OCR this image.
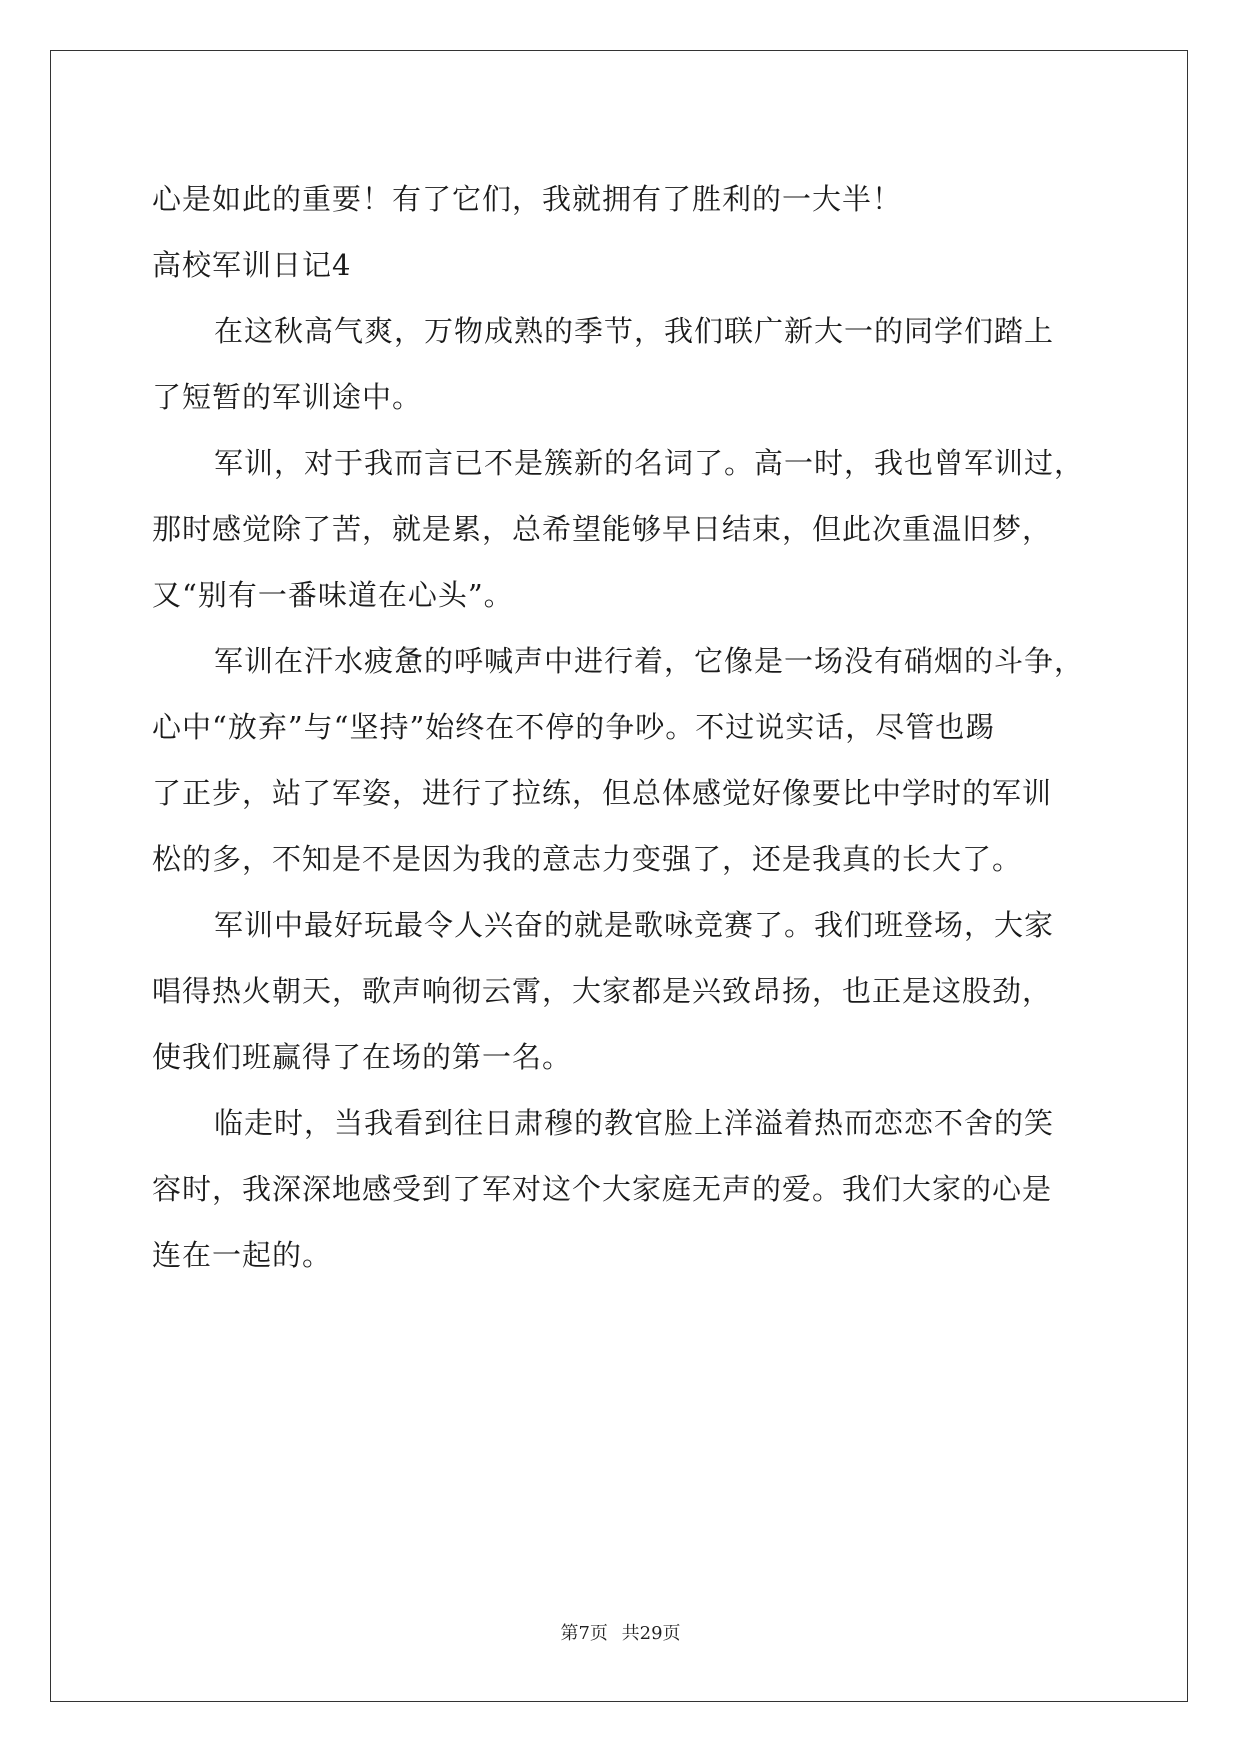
心是如此的重要！有了它们，我就拥有了胜利的一大半！
高校军训日记4
在这秋高气爽，万物成熟的季节，我们联广新大一的同学们踏上
了短暂的军训途中。
军训，对于我而言已不是簇新的名词了。高一时，我也曾军训过，
那时感觉除了苦，就是累，总希望能够早日结束，但此次重温旧梦，
又“别有一番味道在心头”。
军训在汗水疲惫的呼喊声中进行着，它像是一场没有硝烟的斗争，
心中“放弃”与“坚持”始终在不停的争吵。不过说实话，尽管也踢
了正步，站了军姿，进行了拉练，但总体感觉好像要比中学时的军训
松的多，不知是不是因为我的意志力变强了，还是我真的长大了。
军训中最好玩最令人兴奋的就是歌咏竞赛了。我们班登场，大家
唱得热火朝天，歌声响彻云霄，大家都是兴致昂扬，也正是这股劲，
使我们班赢得了在场的第一名。
临走时，当我看到往日肃穆的教官脸上洋溢着热而恋恋不舍的笑
容时，我深深地感受到了军对这个大家庭无声的爱。我们大家的心是
连在一起的。
第7页 共29页
